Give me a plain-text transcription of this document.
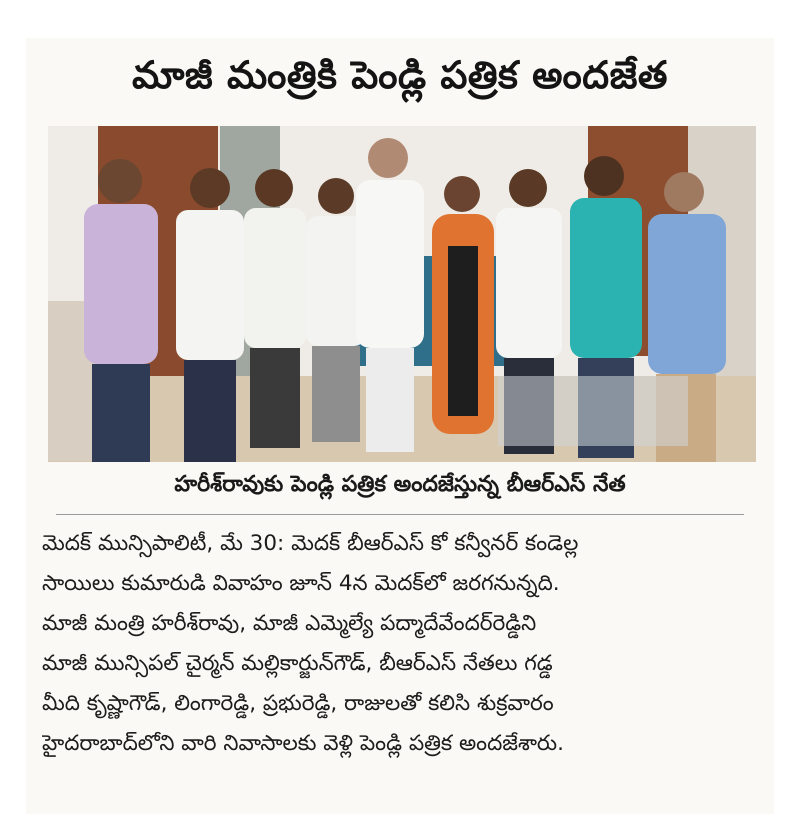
మాజీ మంత్రికి పెండ్లి పత్రిక అందజేత
హరీశ్‌రావుకు పెండ్లి పత్రిక అందజేస్తున్న బీఆర్‌ఎస్ నేత
మెదక్ మున్సిపాలిటీ, మే 30: మెదక్ బీఆర్‌ఎస్ కో కన్వీనర్ కండెల్ల
సాయిలు కుమారుడి వివాహం జూన్ 4న మెదక్‌లో జరగనున్నది.
మాజీ మంత్రి హరీశ్‌రావు, మాజీ ఎమ్మెల్యే పద్మాదేవేందర్‌రెడ్డిని
మాజీ మున్సిపల్ చైర్మన్ మల్లికార్జున్‌గౌడ్, బీఆర్‌ఎస్ నేతలు గడ్డ
మీది కృష్ణాగౌడ్, లింగారెడ్డి, ప్రభురెడ్డి, రాజులతో కలిసి శుక్రవారం
హైదరాబాద్‌లోని వారి నివాసాలకు వెళ్లి పెండ్లి పత్రిక అందజేశారు.
